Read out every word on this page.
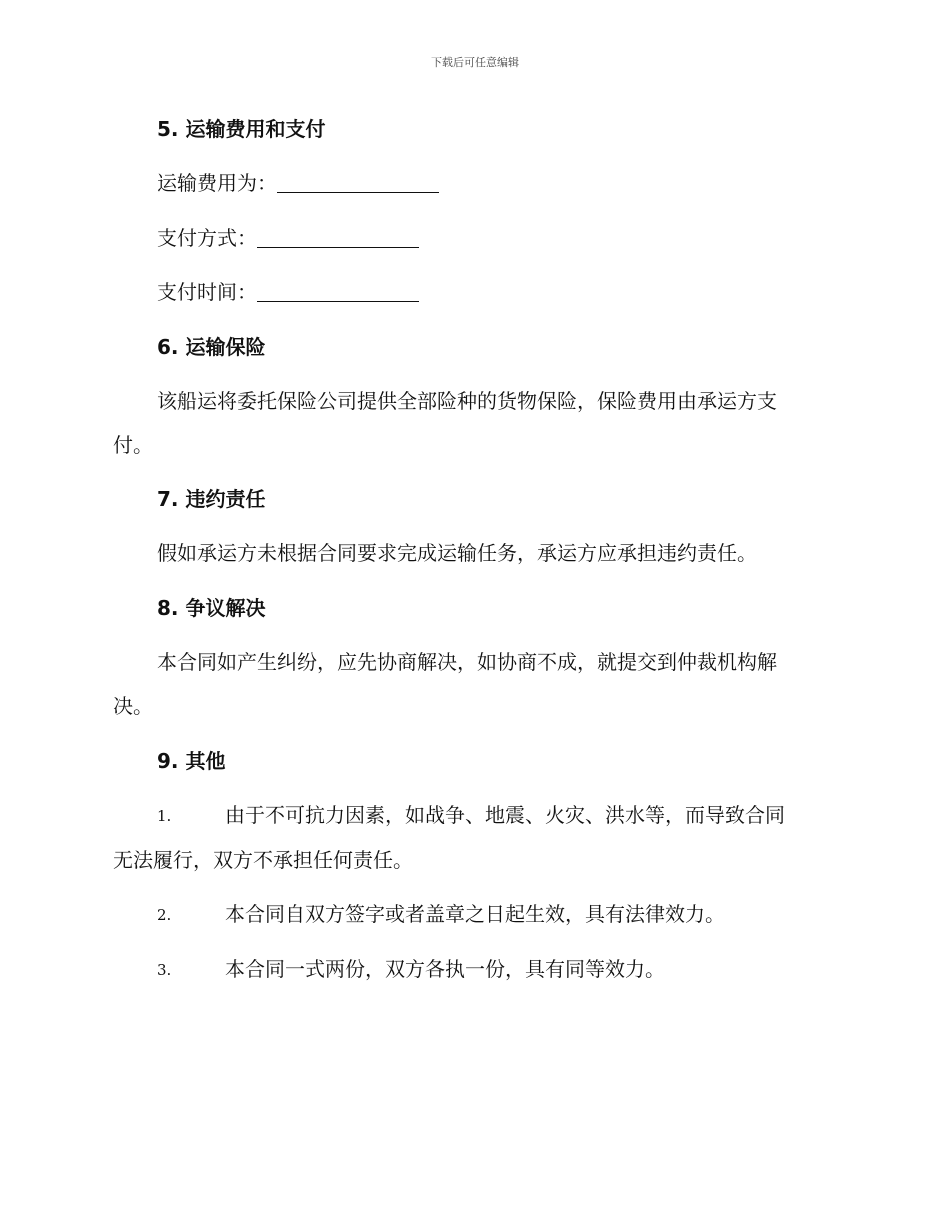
下载后可任意编辑
5. 运输费用和支付
运输费用为：
支付方式：
支付时间：
6. 运输保险
该船运将委托保险公司提供全部险种的货物保险，保险费用由承运方支
付。
7. 违约责任
假如承运方未根据合同要求完成运输任务，承运方应承担违约责任。
8. 争议解决
本合同如产生纠纷，应先协商解决，如协商不成，就提交到仲裁机构解
决。
9. 其他
1.	由于不可抗力因素，如战争、地震、火灾、洪水等，而导致合同
无法履行，双方不承担任何责任。
2.	本合同自双方签字或者盖章之日起生效，具有法律效力。
3.	本合同一式两份，双方各执一份，具有同等效力。
